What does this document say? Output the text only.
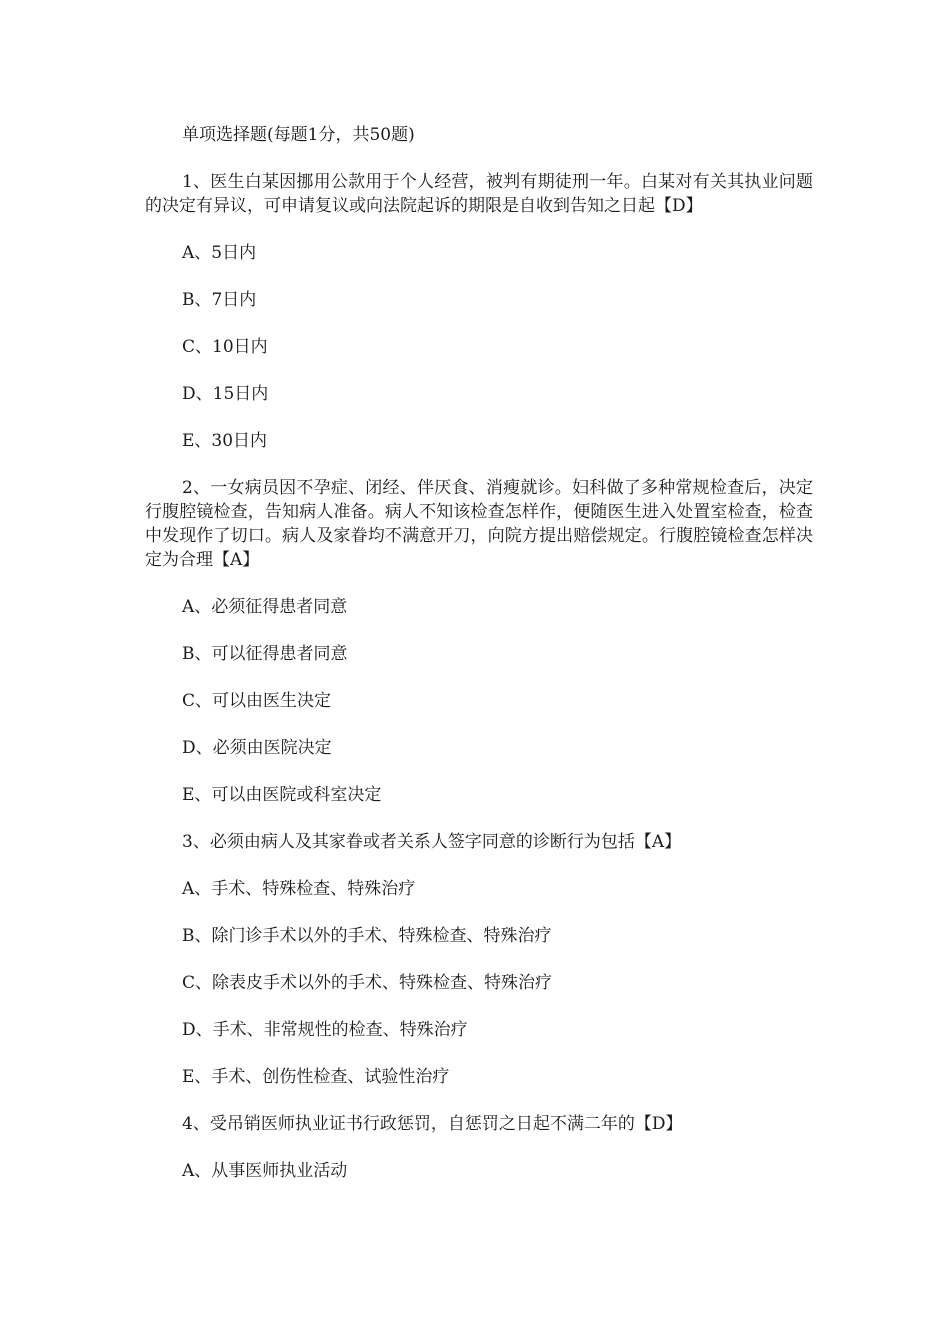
单项选择题(每题1分，共50题)

1、医生白某因挪用公款用于个人经营，被判有期徒刑一年。白某对有关其执业问题的决定有异议，可申请复议或向法院起诉的期限是自收到告知之日起【D】

A、5日内

B、7日内

C、10日内

D、15日内

E、30日内

2、一女病员因不孕症、闭经、伴厌食、消瘦就诊。妇科做了多种常规检查后，决定行腹腔镜检查，告知病人准备。病人不知该检查怎样作，便随医生进入处置室检查，检查中发现作了切口。病人及家眷均不满意开刀，向院方提出赔偿规定。行腹腔镜检查怎样决定为合理【A】

A、必须征得患者同意

B、可以征得患者同意

C、可以由医生决定

D、必须由医院决定

E、可以由医院或科室决定

3、必须由病人及其家眷或者关系人签字同意的诊断行为包括【A】

A、手术、特殊检查、特殊治疗

B、除门诊手术以外的手术、特殊检查、特殊治疗

C、除表皮手术以外的手术、特殊检查、特殊治疗

D、手术、非常规性的检查、特殊治疗

E、手术、创伤性检查、试验性治疗

4、受吊销医师执业证书行政惩罚，自惩罚之日起不满二年的【D】

A、从事医师执业活动
